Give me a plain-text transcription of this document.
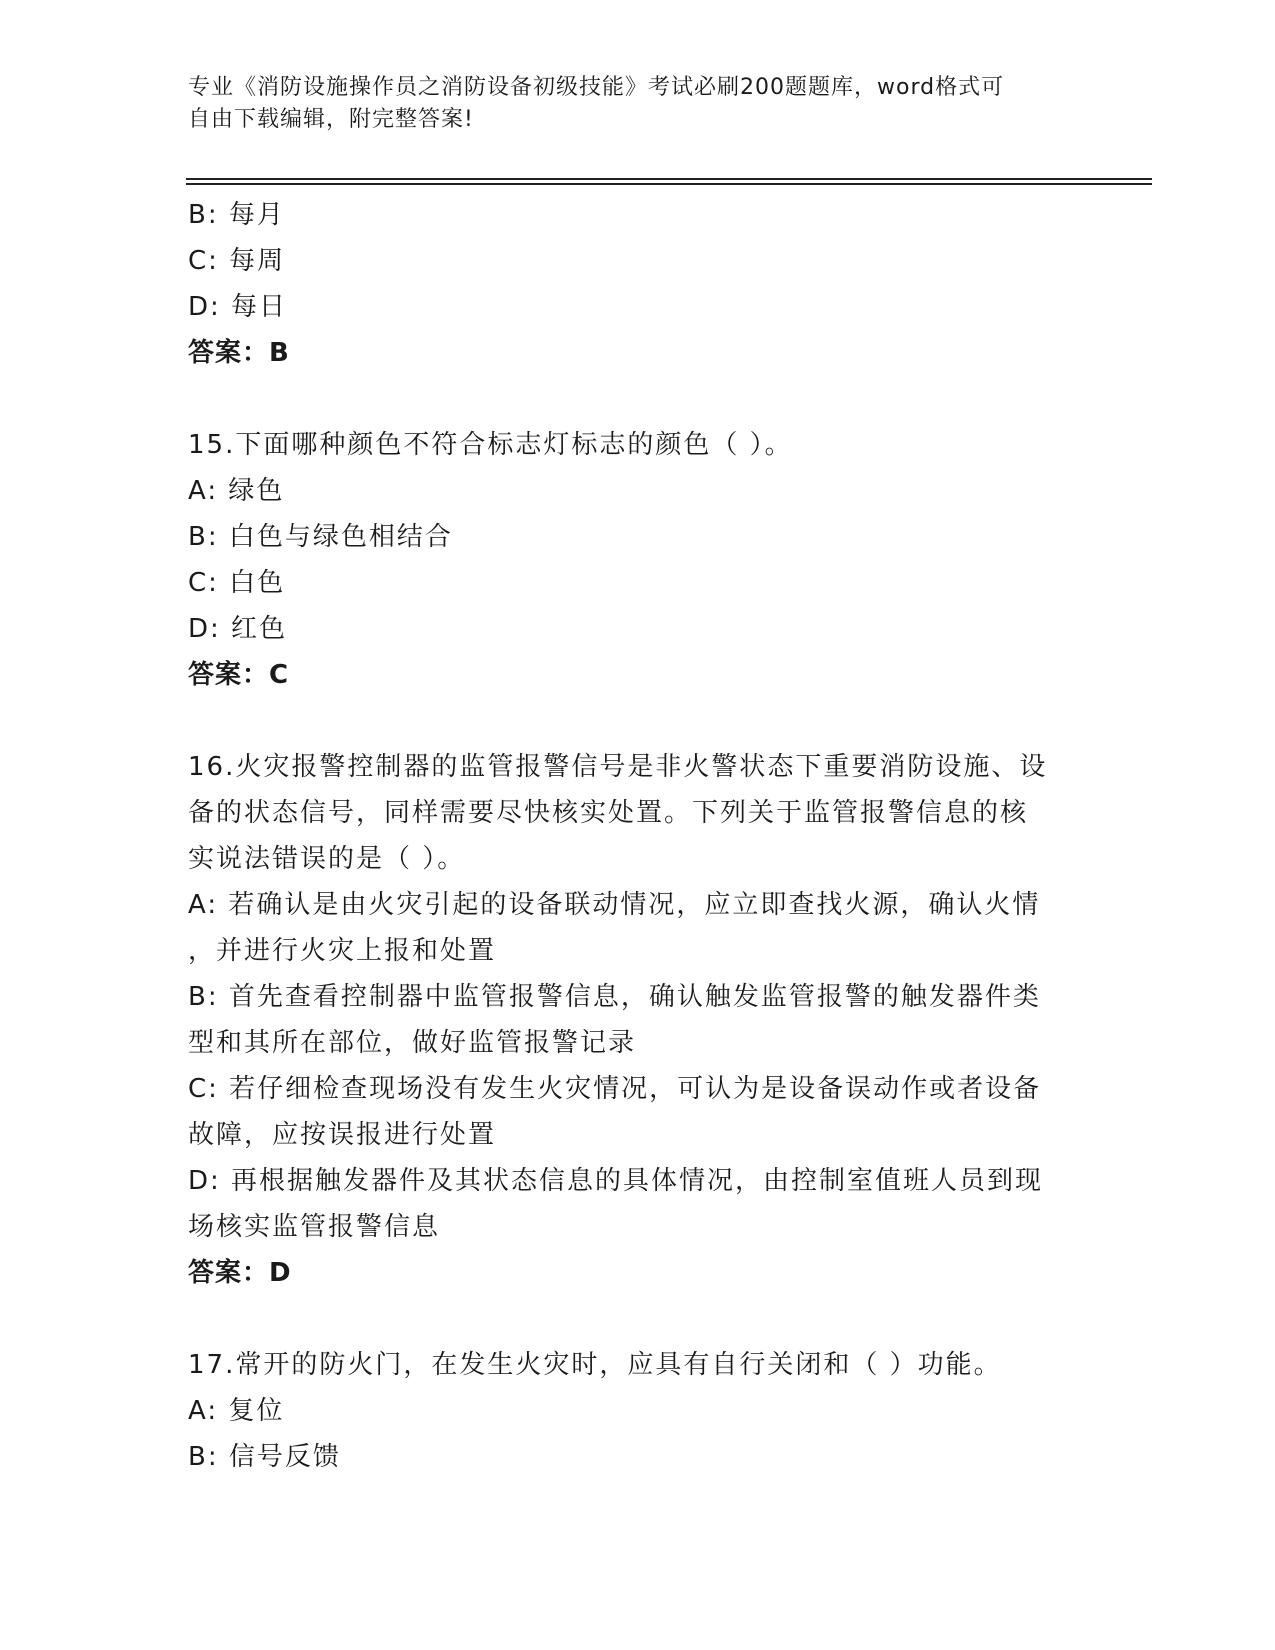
专业《消防设施操作员之消防设备初级技能》考试必刷200题题库，word格式可
自由下载编辑，附完整答案!
B: 每月
C: 每周
D: 每日
答案：B
15.下面哪种颜色不符合标志灯标志的颜色（ ）。
A: 绿色
B: 白色与绿色相结合
C: 白色
D: 红色
答案：C
16.火灾报警控制器的监管报警信号是非火警状态下重要消防设施、设
备的状态信号，同样需要尽快核实处置。下列关于监管报警信息的核
实说法错误的是（ ）。
A: 若确认是由火灾引起的设备联动情况，应立即查找火源，确认火情
，并进行火灾上报和处置
B: 首先查看控制器中监管报警信息，确认触发监管报警的触发器件类
型和其所在部位，做好监管报警记录
C: 若仔细检查现场没有发生火灾情况，可认为是设备误动作或者设备
故障，应按误报进行处置
D: 再根据触发器件及其状态信息的具体情况，由控制室值班人员到现
场核实监管报警信息
答案：D
17.常开的防火门，在发生火灾时，应具有自行关闭和（ ）功能。
A: 复位
B: 信号反馈
